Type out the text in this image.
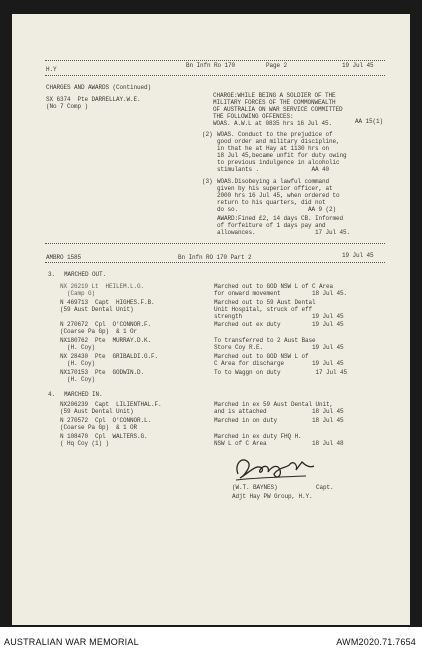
H.Y
Bn Infn Ro 170	Page 2	19 Jul 45
CHARGES AND AWARDS (Continued)
SX 6374 Pte DARRELLAY.W.E.
(No 7 Comp )
CHARGE:WHILE BEING A SOLDIER OF THE
MILITARY FORCES OF THE COMMONWEALTH
OF AUSTRALIA ON WAR SERVICE COMMITTED
THE FOLLOWING OFFENCES:
WOAS. A.W.L at 0835 hrs 16 Jul 45.	AA 15(1)
(2) WOAS. Conduct to the prejudice of
good order and military discipline,
in that he at Hay at 1130 hrs on
18 Jul 45,became unfit for duty owing
to previous indulgence in alcoholic
stimulants .               AA 40
(3) WOAS.Disobeying a lawful command
given by his superior officer, at
2000 hrs 16 Jul 45, when ordered to
return to his quarters, did not
do so.                    AA 9 (2)
AWARD:Fined £2, 14 days CB. Informed
of forfeiture of 1 days pay and
allowances.                 17 Jul 45.
AMBRO 1585	Bn Infn RO 170 Part 2	19 Jul 45
3. MARCHED OUT.
NX 26219 Lt  HEILEM.L.G.
(Camp G)
Marched out to GOD NSW L of C Area
for onward movement         18 Jul 45.
N 469713  Capt  HIGHES.F.B.
(59 Aust Dental Unit)
Marched out to 59 Aust Dental
Unit Hospital, struck of eff
strength                    19 Jul 45
N 270672  Cpl  O'CONNOR.F.
(Coarse Pa Gp)  & 1 Or
Marched out ex duty         19 Jul 45
NX180762  Pte  MURRAY.D.K.
(H. Coy)
To transferred to 2 Aust Base
Store Coy R.E.              19 Jul 45
NX 28430  Pte  GRIBALDI.G.F.
(H. Coy)
Marched out to GOD NSW L of
C Area for discharge        19 Jul 45
NX170153  Pte  GODWIN.D.
(H. Coy)
To to Waggn on duty          17 Jul 45
4. MARCHED IN.
NX206239  Capt  LILIENTHAL.F.
(59 Aust Dental Unit)
Marched in ex 59 Aust Dental Unit,
and is attached             18 Jul 45
N 270572  Cpl  O'CONNOR.L.
(Coarse Pa Gp)  & 1 OR
Marched in on duty          18 Jul 45
N 108470  Cpl  WALTERS.G.
( Hq Coy (1) )
Marched in ex duty FHQ H.
NSW L of C Area             18 Jul 48
(W.T. BAYNES)	Capt.
Adjt Hay PW Group, H.Y.
AUSTRALIAN WAR MEMORIAL	AWM2020.71.7654
